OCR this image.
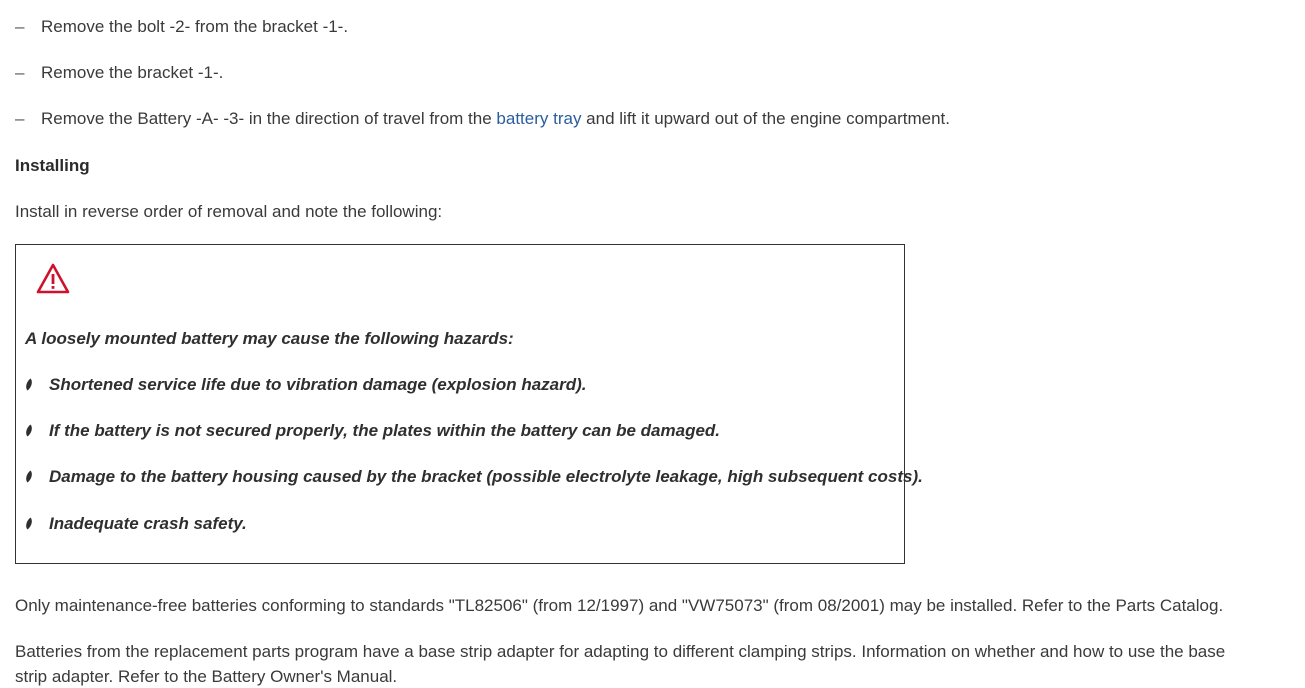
– Remove the bolt -2- from the bracket -1-.
– Remove the bracket -1-.
– Remove the Battery -A- -3- in the direction of travel from the battery tray and lift it upward out of the engine compartment.
Installing
Install in reverse order of removal and note the following:
A loosely mounted battery may cause the following hazards:
Shortened service life due to vibration damage (explosion hazard).
If the battery is not secured properly, the plates within the battery can be damaged.
Damage to the battery housing caused by the bracket (possible electrolyte leakage, high subsequent costs).
Inadequate crash safety.
Only maintenance-free batteries conforming to standards "TL82506" (from 12/1997) and "VW75073" (from 08/2001) may be installed. Refer to the Parts Catalog.
Batteries from the replacement parts program have a base strip adapter for adapting to different clamping strips. Information on whether and how to use the base
strip adapter. Refer to the Battery Owner's Manual.
